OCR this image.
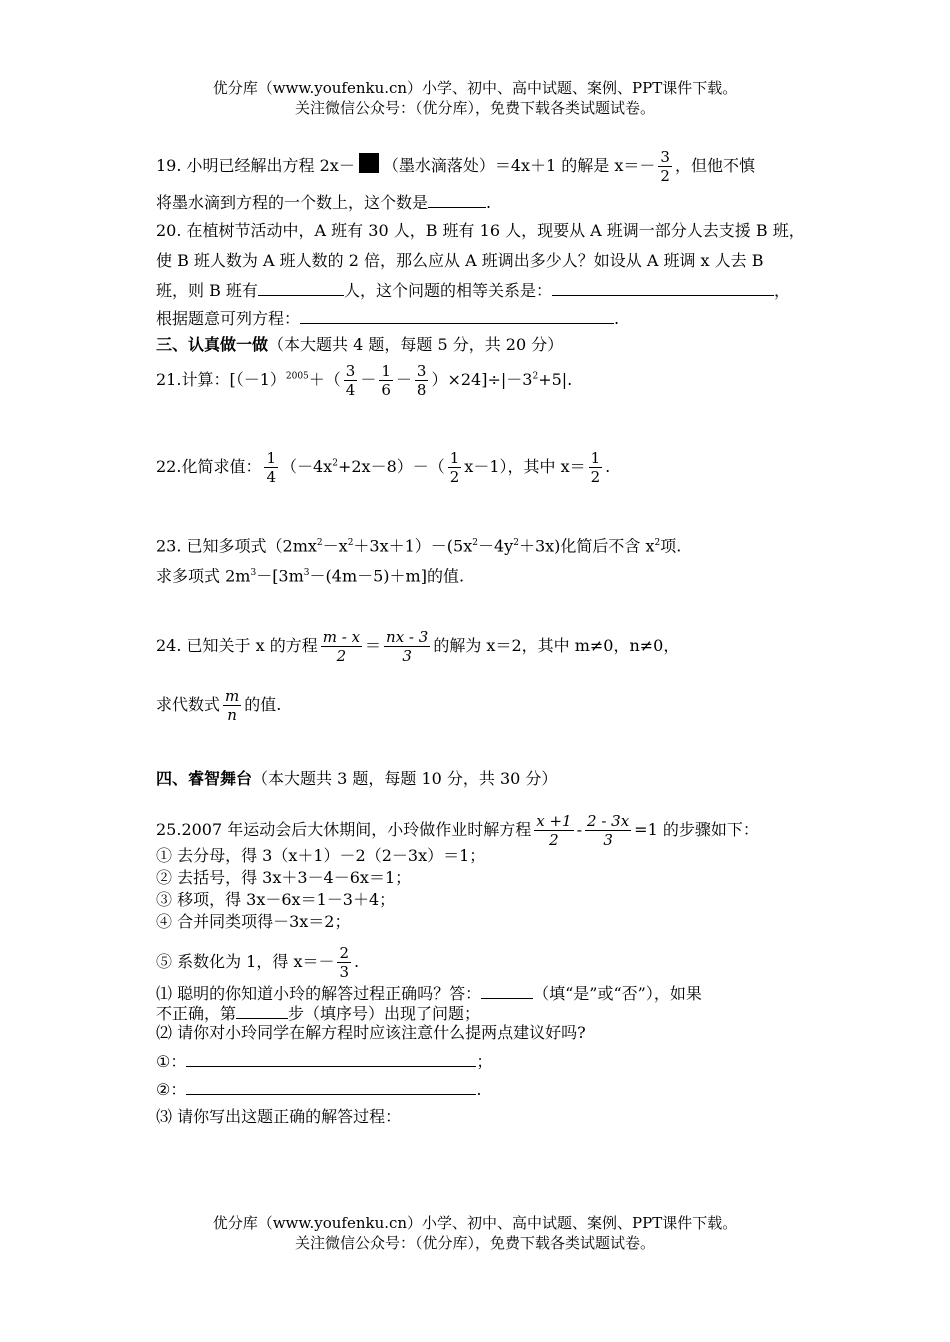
优分库（www.youfenku.cn）小学、初中、高中试题、案例、PPT课件下载。
关注微信公众号：（优分库），免费下载各类试题试卷。
19. 小明已经解出方程 2x－ （墨水滴落处）＝4x＋1 的解是 $x=- \frac{3}{2}$ ，但他不慎
将墨水滴到方程的一个数上，这个数是	.
20. 在植树节活动中，A 班有 30 人，B 班有 16 人，现要从 A 班调一部分人去支援 B 班，
使 B 班人数为 A 班人数的 2 倍，那么应从 A 班调出多少人？如设从 A 班调 x 人去 B
班，则 B 班有	人，这个问题的相等关系是：	，
根据题意可列方程：	.
三、认真做一做（本大题共 4 题，每题 5 分，共 20 分）
21.计算：$[(-1)^{2005}+( \frac{3}{4} - \frac{1}{6} - \frac{3}{8} )\times 24]\div|-3^2+5|$.
22.化简求值： $\frac{1}{4} (-4x^2+2x-8)-( \frac{1}{2} x-1)$，其中 $x= \frac{1}{2}$ .
23. 已知多项式$(2mx^2-x^2+3x+1)-(5x^2-4y^2+3x)$化简后不含 $x^2$项.
求多项式 $2m^3-[3m^3-(4m-5)+m]$的值.
24. 已知关于 x 的方程 $\frac{m - x}{2} = \frac{nx - 3}{3}$ 的解为 x＝2，其中 m≠0，n≠0，
求代数式 $\frac{m}{n}$ 的值.
四、睿智舞台（本大题共 3 题，每题 10 分，共 30 分）
25.2007 年运动会后大休期间，小玲做作业时解方程 $\frac{x +1}{2} - \frac{2 - 3x}{3} =1$ 的步骤如下：
① 去分母，得 3（x＋1）－2（2－3x）＝1；
② 去括号，得 3x＋3－4－6x＝1；
③ 移项，得 3x－6x＝1－3＋4；
④ 合并同类项得－3x＝2；
⑤ 系数化为 1，得 $x=- \frac{2}{3}$ .
⑴ 聪明的你知道小玲的解答过程正确吗？答：	（填“是”或“否”），如果
不正确，第	步（填序号）出现了问题；
⑵ 请你对小玲同学在解方程时应该注意什么提两点建议好吗?
①：	；
②：	.
⑶ 请你写出这题正确的解答过程：
优分库（www.youfenku.cn）小学、初中、高中试题、案例、PPT课件下载。
关注微信公众号：（优分库），免费下载各类试题试卷。
